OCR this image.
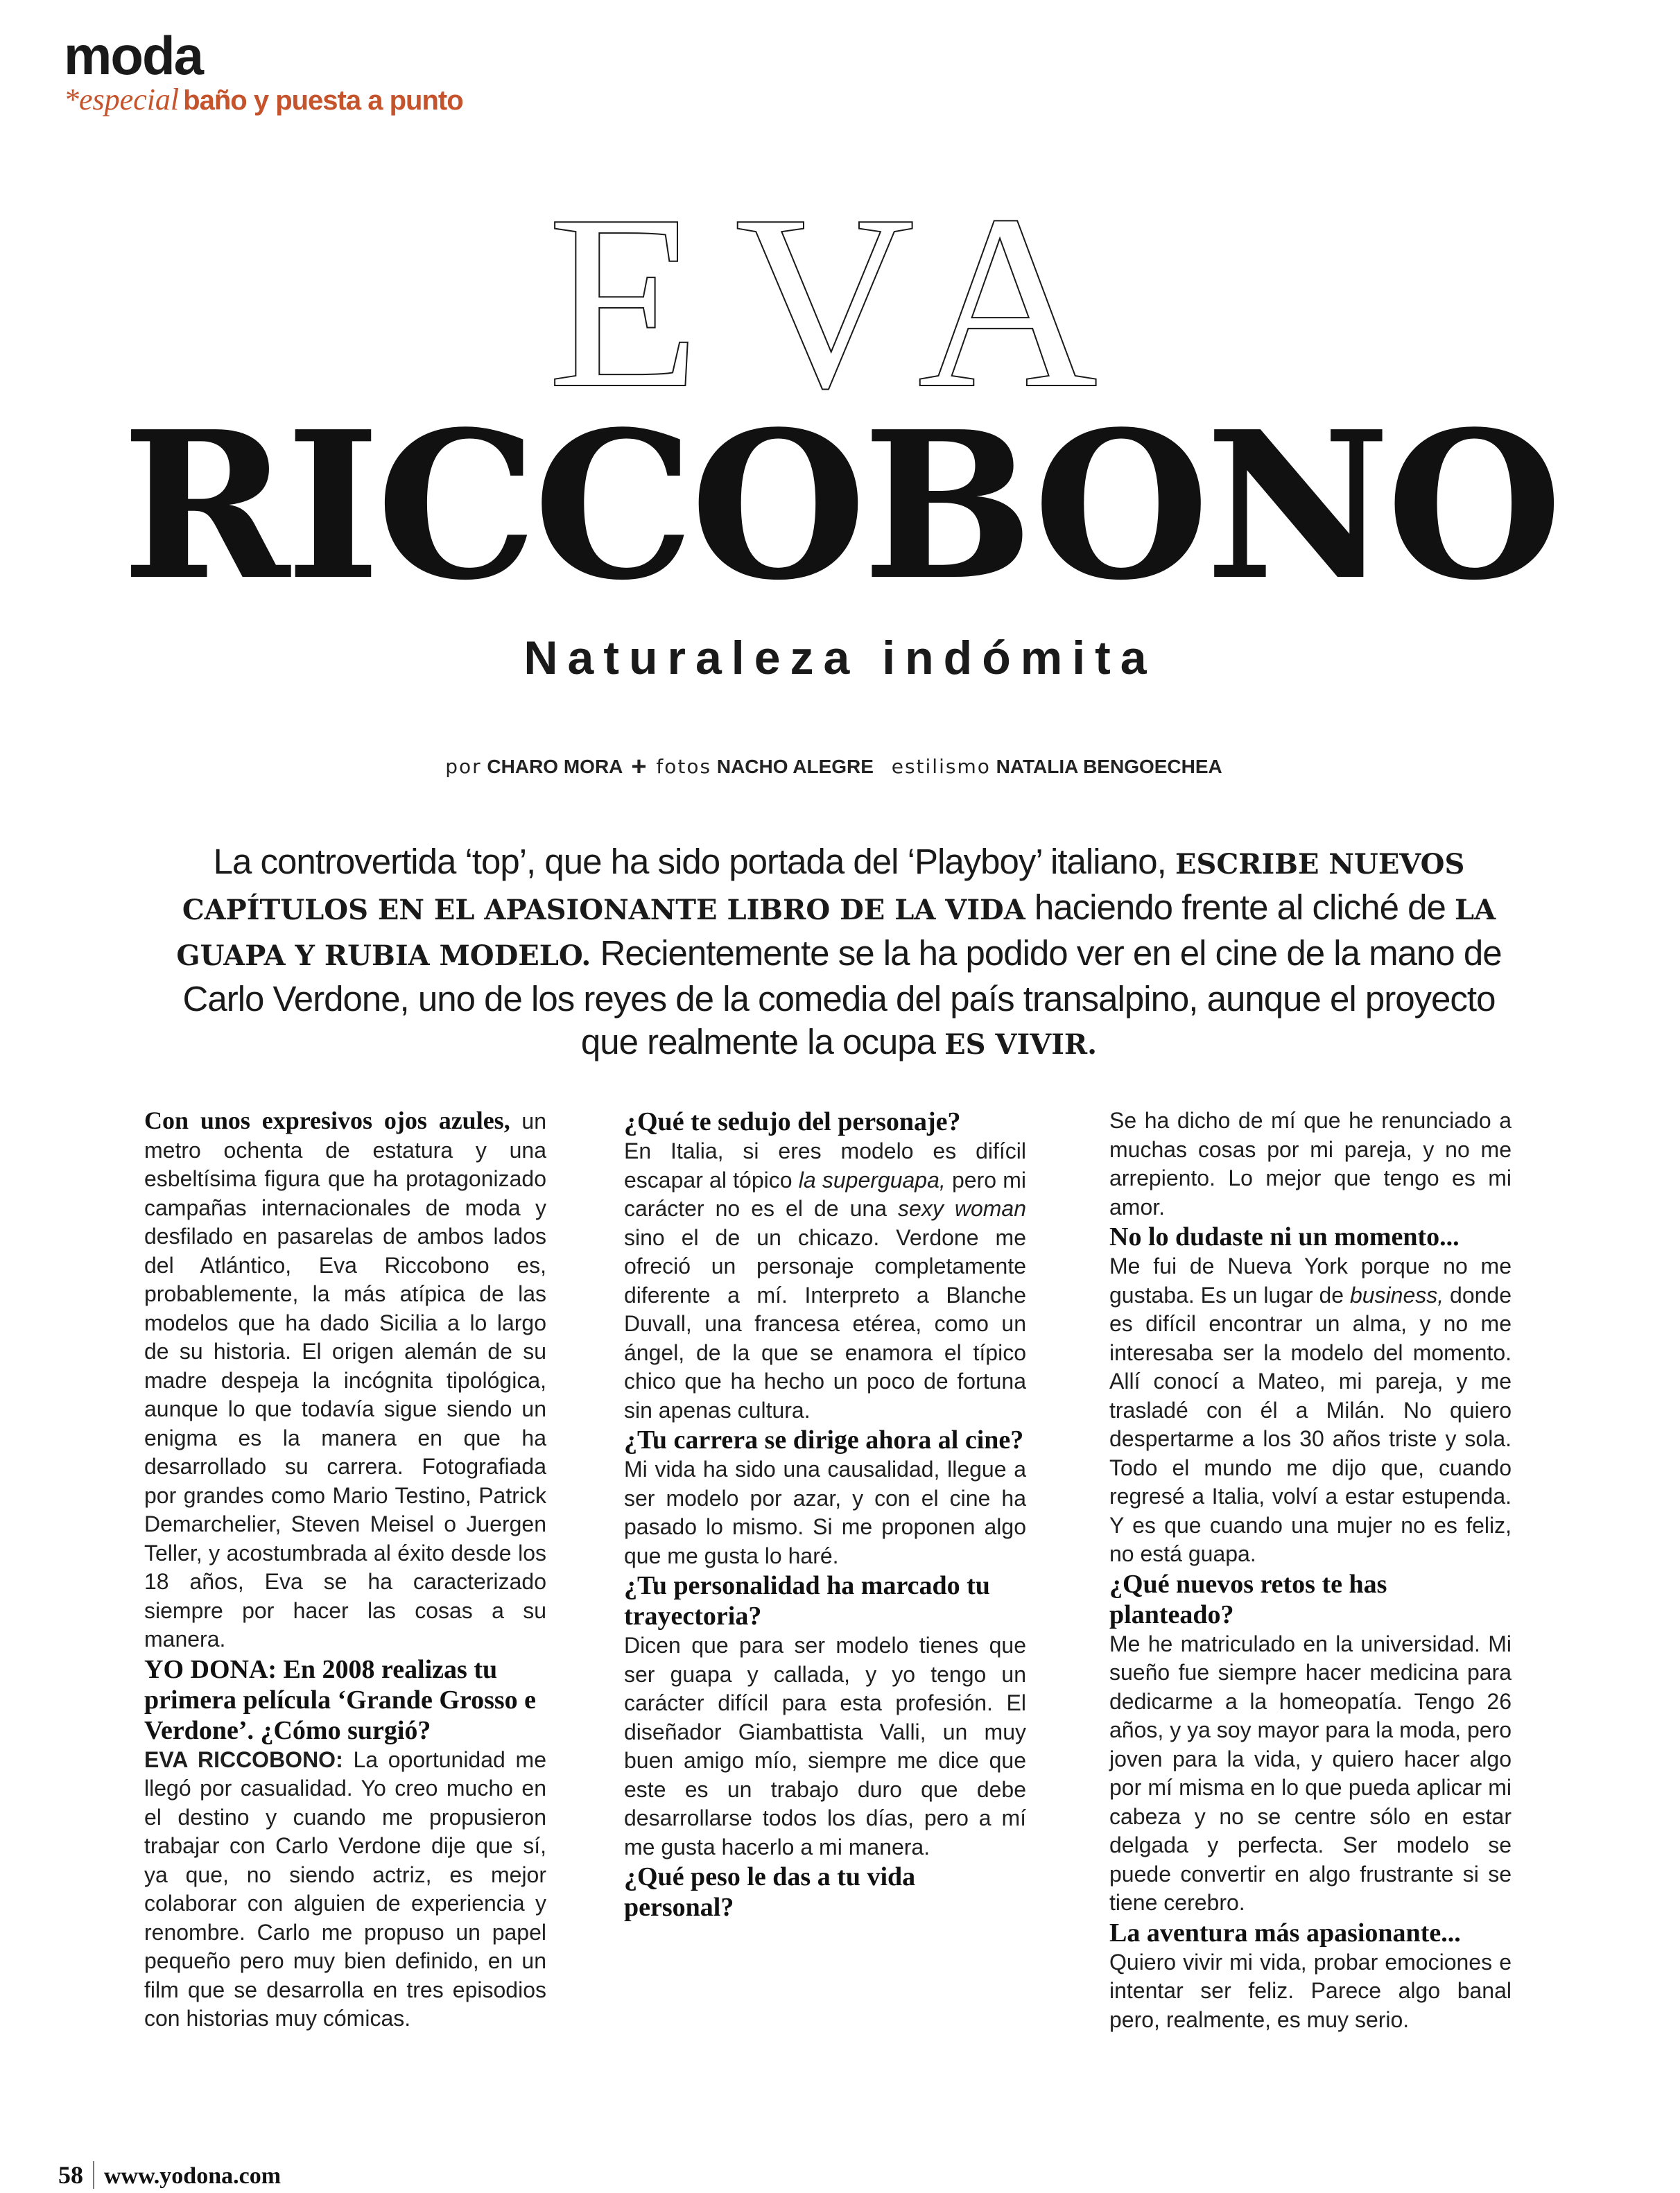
moda
*especial baño y puesta a punto
EVA
RICCOBONO
Naturaleza indómita
por CHARO MORA + fotos NACHO ALEGRE estilismo NATALIA BENGOECHEA
La controvertida ‘top’, que ha sido portada del ‘Playboy’ italiano, ESCRIBE NUEVOS CAPÍTULOS EN EL APASIONANTE LIBRO DE LA VIDA haciendo frente al cliché de LA GUAPA Y RUBIA MODELO. Recientemente se la ha podido ver en el cine de la mano de Carlo Verdone, uno de los reyes de la comedia del país transalpino, aunque el proyecto que realmente la ocupa ES VIVIR.

Con unos expresivos ojos azules, un metro ochenta de estatura y una esbeltísima figura que ha protagonizado campañas internacionales de moda y desfilado en pasarelas de ambos lados del Atlántico, Eva Riccobono es, probablemente, la más atípica de las modelos que ha dado Sicilia a lo largo de su historia. El origen alemán de su madre despeja la incógnita tipológica, aunque lo que todavía sigue siendo un enigma es la manera en que ha desarrollado su carrera. Fotografiada por grandes como Mario Testino, Patrick Demarchelier, Steven Meisel o Juergen Teller, y acostumbrada al éxito desde los 18 años, Eva se ha caracterizado siempre por hacer las cosas a su manera.

YO DONA: En 2008 realizas tu primera película ‘Grande Grosso e Verdone’. ¿Cómo surgió?

EVA RICCOBONO: La oportunidad me llegó por casualidad. Yo creo mucho en el destino y cuando me propusieron trabajar con Carlo Verdone dije que sí, ya que, no siendo actriz, es mejor colaborar con alguien de experiencia y renombre. Carlo me propuso un papel pequeño pero muy bien definido, en un film que se desarrolla en tres episodios con historias muy cómicas.

¿Qué te sedujo del personaje?

En Italia, si eres modelo es difícil escapar al tópico la superguapa, pero mi carácter no es el de una sexy woman sino el de un chicazo. Verdone me ofreció un personaje completamente diferente a mí. Interpreto a Blanche Duvall, una francesa etérea, como un ángel, de la que se enamora el típico chico que ha hecho un poco de fortuna sin apenas cultura.

¿Tu carrera se dirige ahora al cine?

Mi vida ha sido una causalidad, llegue a ser modelo por azar, y con el cine ha pasado lo mismo. Si me proponen algo que me gusta lo haré.

¿Tu personalidad ha marcado tu trayectoria?

Dicen que para ser modelo tienes que ser guapa y callada, y yo tengo un carácter difícil para esta profesión. El diseñador Giambattista Valli, un muy buen amigo mío, siempre me dice que este es un trabajo duro que debe desarrollarse todos los días, pero a mí me gusta hacerlo a mi manera.

¿Qué peso le das a tu vida personal?

Se ha dicho de mí que he renunciado a muchas cosas por mi pareja, y no me arrepiento. Lo mejor que tengo es mi amor.

No lo dudaste ni un momento...

Me fui de Nueva York porque no me gustaba. Es un lugar de business, donde es difícil encontrar un alma, y no me interesaba ser la modelo del momento. Allí conocí a Mateo, mi pareja, y me trasladé con él a Milán. No quiero despertarme a los 30 años triste y sola. Todo el mundo me dijo que, cuando regresé a Italia, volví a estar estupenda. Y es que cuando una mujer no es feliz, no está guapa.

¿Qué nuevos retos te has planteado?

Me he matriculado en la universidad. Mi sueño fue siempre hacer medicina para dedicarme a la homeopatía. Tengo 26 años, y ya soy mayor para la moda, pero joven para la vida, y quiero hacer algo por mí misma en lo que pueda aplicar mi cabeza y no se centre sólo en estar delgada y perfecta. Ser modelo se puede convertir en algo frustrante si se tiene cerebro.

La aventura más apasionante...

Quiero vivir mi vida, probar emociones e intentar ser feliz. Parece algo banal pero, realmente, es muy serio.

58 www.yodona.com
